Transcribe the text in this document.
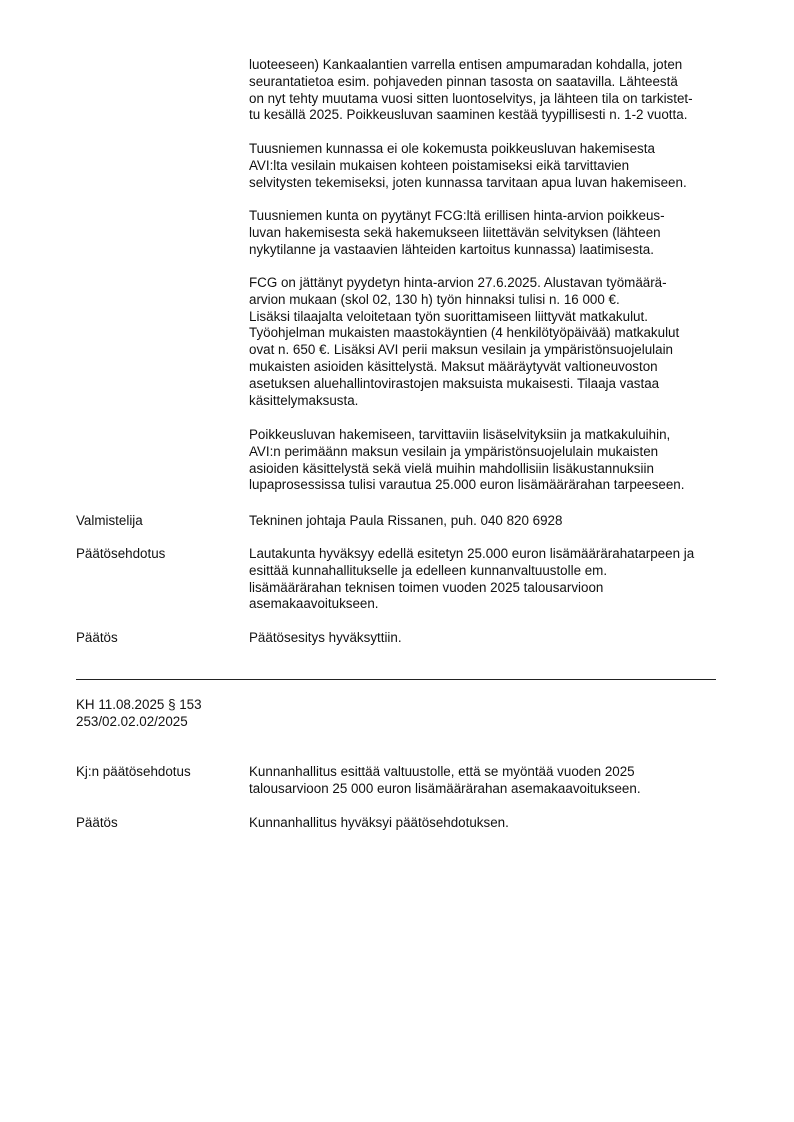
luoteeseen) Kankaalantien varrella entisen ampumaradan kohdalla, joten
seurantatietoa esim. pohjaveden pinnan tasosta on saatavilla. Lähteestä
on nyt tehty muutama vuosi sitten luontoselvitys, ja lähteen tila on tarkistet-
tu kesällä 2025. Poikkeusluvan saaminen kestää tyypillisesti n. 1-2 vuotta.
Tuusniemen kunnassa ei ole kokemusta poikkeusluvan hakemisesta
AVI:lta vesilain mukaisen kohteen poistamiseksi eikä tarvittavien
selvitysten tekemiseksi, joten kunnassa tarvitaan apua luvan hakemiseen.
Tuusniemen kunta on pyytänyt FCG:ltä erillisen hinta-arvion poikkeus-
luvan hakemisesta sekä hakemukseen liitettävän selvityksen (lähteen
nykytilanne ja vastaavien lähteiden kartoitus kunnassa) laatimisesta.
FCG on jättänyt pyydetyn hinta-arvion 27.6.2025. Alustavan työmäärä-
arvion mukaan (skol 02, 130 h) työn hinnaksi tulisi n. 16 000 €.
Lisäksi tilaajalta veloitetaan työn suorittamiseen liittyvät matkakulut.
Työohjelman mukaisten maastokäyntien (4 henkilötyöpäivää) matkakulut
ovat n. 650 €. Lisäksi AVI perii maksun vesilain ja ympäristönsuojelulain
mukaisten asioiden käsittelystä. Maksut määräytyvät valtioneuvoston
asetuksen aluehallintovirastojen maksuista mukaisesti. Tilaaja vastaa
käsittelymaksusta.
Poikkeusluvan hakemiseen, tarvittaviin lisäselvityksiin ja matkakuluihin,
AVI:n perimäänn maksun vesilain ja ympäristönsuojelulain mukaisten
asioiden käsittelystä sekä vielä muihin mahdollisiin lisäkustannuksiin
lupaprosessissa tulisi varautua 25.000 euron lisämäärärahan tarpeeseen.
Valmistelija	Tekninen johtaja Paula Rissanen, puh. 040 820 6928
Päätösehdotus	Lautakunta hyväksyy edellä esitetyn 25.000 euron lisämäärärahatarpeen ja
esittää kunnahallitukselle ja edelleen kunnanvaltuustolle em.
lisämäärärahan teknisen toimen vuoden 2025 talousarvioon
asemakaavoitukseen.
Päätös	Päätösesitys hyväksyttiin.
KH 11.08.2025 § 153
253/02.02.02/2025
Kj:n päätösehdotus	Kunnanhallitus esittää valtuustolle, että se myöntää vuoden 2025
talousarvioon 25 000 euron lisämäärärahan asemakaavoitukseen.
Päätös	Kunnanhallitus hyväksyi päätösehdotuksen.
